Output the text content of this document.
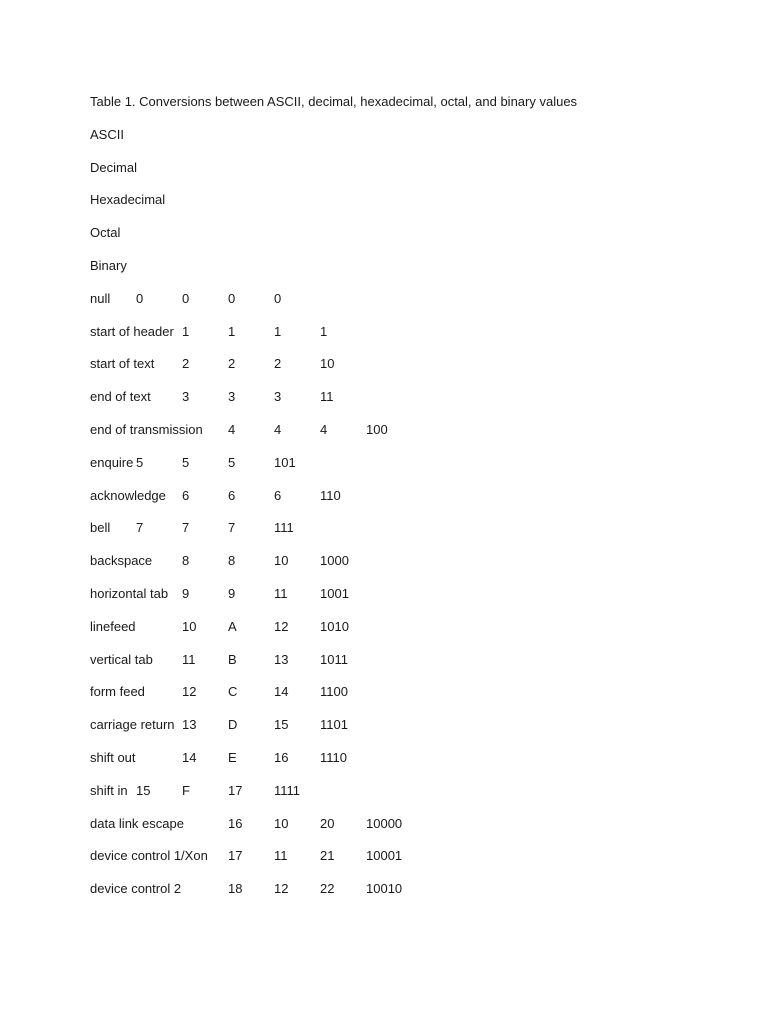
Table 1. Conversions between ASCII, decimal, hexadecimal, octal, and binary values
ASCII
Decimal
Hexadecimal
Octal
Binary
null	0	0	0	0
start of header	1	1	1	1
start of text	2	2	2	10
end of text	3	3	3	11
end of transmission	4	4	4	100
enquire	5	5	5	101
acknowledge	6	6	6	110
bell	7	7	7	111
backspace	8	8	10	1000
horizontal tab	9	9	11	1001
linefeed	10	A	12	1010
vertical tab	11	B	13	1011
form feed	12	C	14	1100
carriage return	13	D	15	1101
shift out	14	E	16	1110
shift in	15	F	17	1111
data link escape	16	10	20	10000
device control 1/Xon	17	11	21	10001
device control 2	18	12	22	10010
